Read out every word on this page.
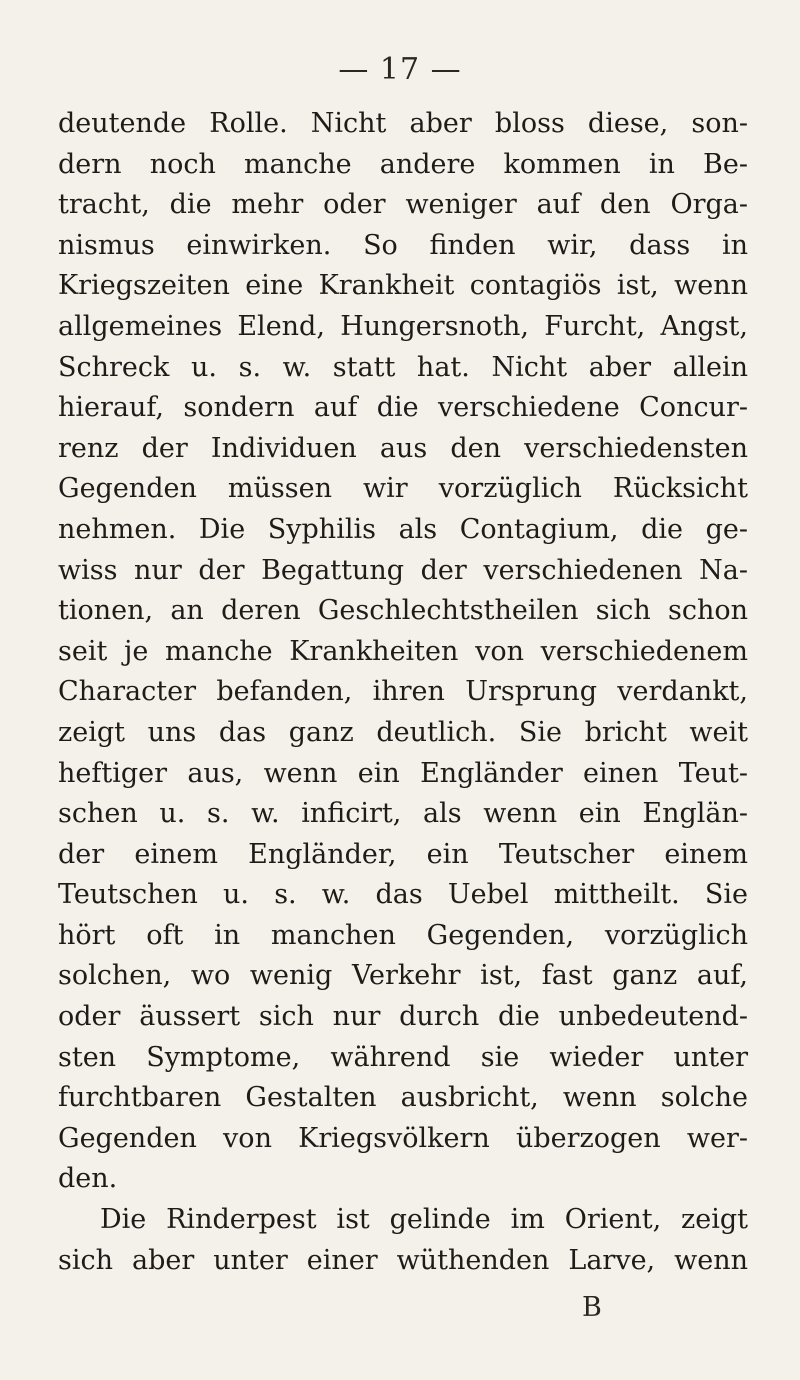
— 17 —
deutende Rolle. Nicht aber bloss diese, son-
dern noch manche andere kommen in Be-
tracht, die mehr oder weniger auf den Orga-
nismus einwirken. So finden wir, dass in
Kriegszeiten eine Krankheit contagiös ist, wenn
allgemeines Elend, Hungersnoth, Furcht, Angst,
Schreck u. s. w. statt hat. Nicht aber allein
hierauf, sondern auf die verschiedene Concur-
renz der Individuen aus den verschiedensten
Gegenden müssen wir vorzüglich Rücksicht
nehmen. Die Syphilis als Contagium, die ge-
wiss nur der Begattung der verschiedenen Na-
tionen, an deren Geschlechtstheilen sich schon
seit je manche Krankheiten von verschiedenem
Character befanden, ihren Ursprung verdankt,
zeigt uns das ganz deutlich. Sie bricht weit
heftiger aus, wenn ein Engländer einen Teut-
schen u. s. w. inficirt, als wenn ein Englän-
der einem Engländer, ein Teutscher einem
Teutschen u. s. w. das Uebel mittheilt. Sie
hört oft in manchen Gegenden, vorzüglich
solchen, wo wenig Verkehr ist, fast ganz auf,
oder äussert sich nur durch die unbedeutend-
sten Symptome, während sie wieder unter
furchtbaren Gestalten ausbricht, wenn solche
Gegenden von Kriegsvölkern überzogen wer-
den.
Die Rinderpest ist gelinde im Orient, zeigt
sich aber unter einer wüthenden Larve, wenn
B
